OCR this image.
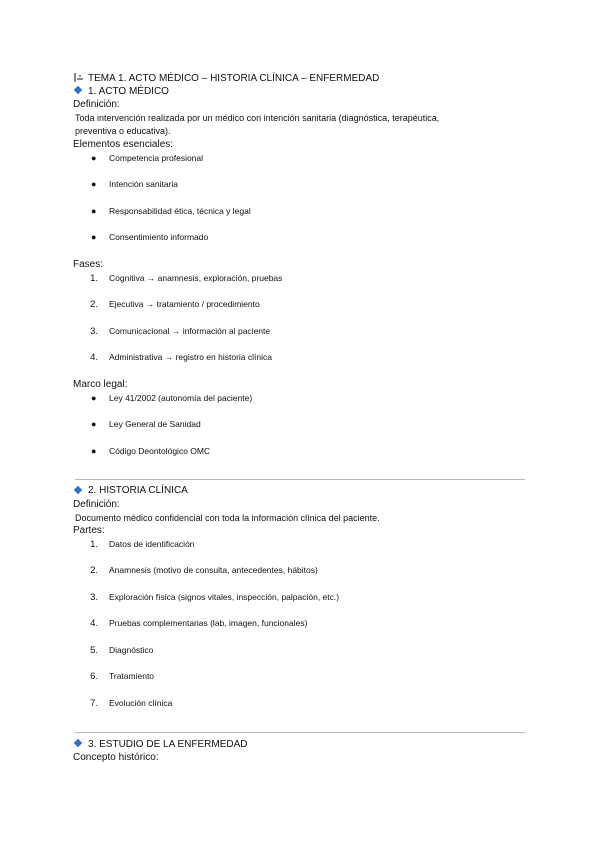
TEMA 1. ACTO MÉDICO – HISTORIA CLÍNICA – ENFERMEDAD
1. ACTO MÉDICO
Definición:
Toda intervención realizada por un médico con intención sanitaria (diagnóstica, terapéutica,
preventiva o educativa).
Elementos esenciales:
● Competencia profesional
● Intención sanitaria
● Responsabilidad ética, técnica y legal
● Consentimiento informado
Fases:
1. Cognitiva → anamnesis, exploración, pruebas
2. Ejecutiva → tratamiento / procedimiento
3. Comunicacional → información al paciente
4. Administrativa → registro en historia clínica
Marco legal:
● Ley 41/2002 (autonomía del paciente)
● Ley General de Sanidad
● Código Deontológico OMC
2. HISTORIA CLÍNICA
Definición:
Documento médico confidencial con toda la información clínica del paciente.
Partes:
1. Datos de identificación
2. Anamnesis (motivo de consulta, antecedentes, hábitos)
3. Exploración física (signos vitales, inspección, palpación, etc.)
4. Pruebas complementarias (lab, imagen, funcionales)
5. Diagnóstico
6. Tratamiento
7. Evolución clínica
3. ESTUDIO DE LA ENFERMEDAD
Concepto histórico:
